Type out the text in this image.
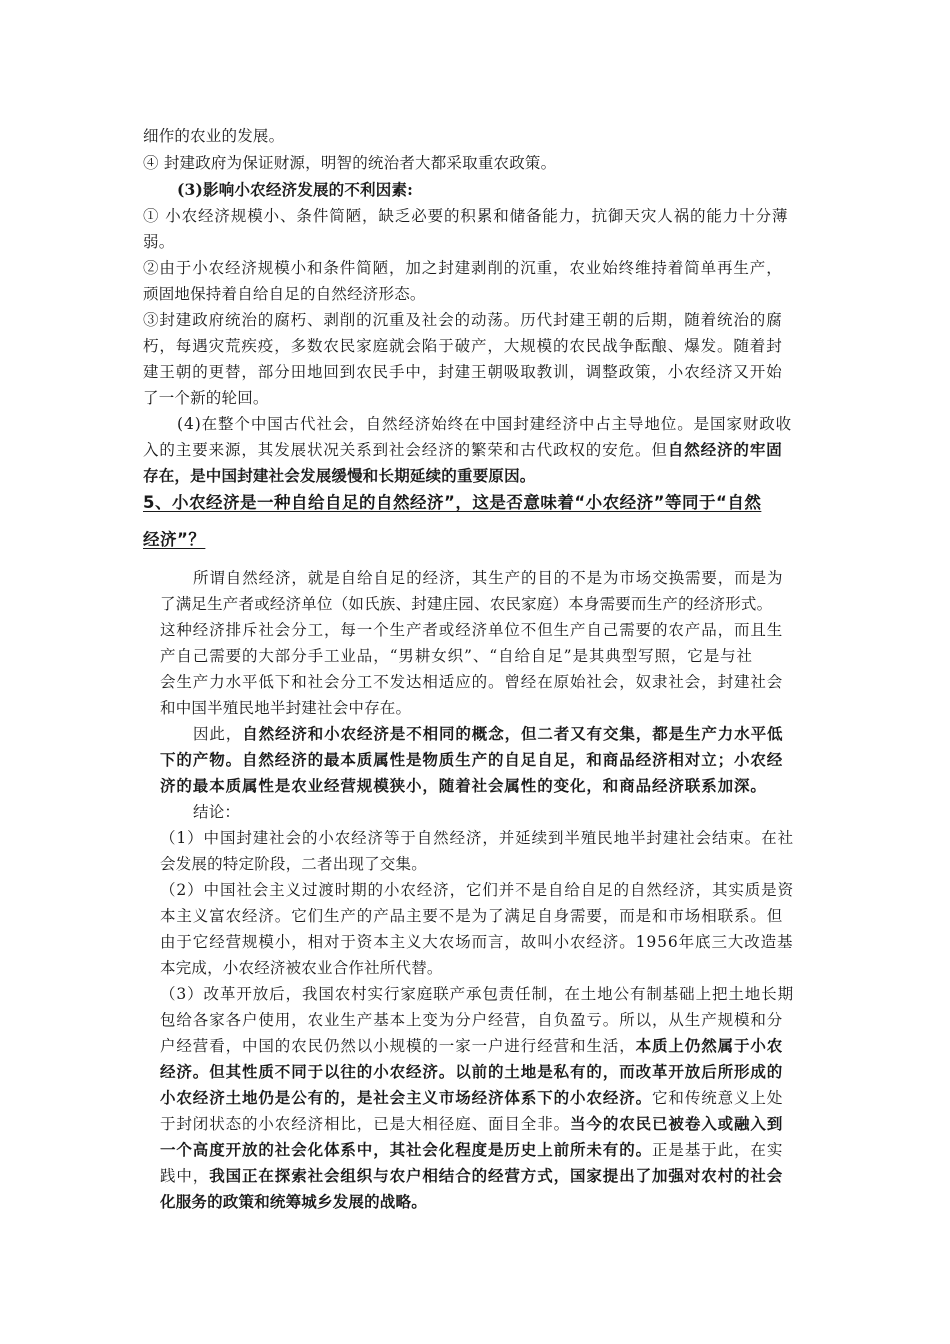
细作的农业的发展。
④ 封建政府为保证财源，明智的统治者大都采取重农政策。
(3)影响小农经济发展的不利因素:
① 小农经济规模小、条件简陋，缺乏必要的积累和储备能力，抗御天灾人祸的能力十分薄
弱。
②由于小农经济规模小和条件简陋，加之封建剥削的沉重，农业始终维持着简单再生产，
顽固地保持着自给自足的自然经济形态。
③封建政府统治的腐朽、剥削的沉重及社会的动荡。历代封建王朝的后期，随着统治的腐
朽，每遇灾荒疾疫，多数农民家庭就会陷于破产，大规模的农民战争酝酿、爆发。随着封
建王朝的更替，部分田地回到农民手中，封建王朝吸取教训，调整政策，小农经济又开始
了一个新的轮回。
(4)在整个中国古代社会，自然经济始终在中国封建经济中占主导地位。是国家财政收
入的主要来源，其发展状况关系到社会经济的繁荣和古代政权的安危。但自然经济的牢固
存在，是中国封建社会发展缓慢和长期延续的重要原因。
5、小农经济是一种自给自足的自然经济”，这是否意味着“小农经济”等同于“自然
经济”？
所谓自然经济，就是自给自足的经济，其生产的目的不是为市场交换需要，而是为
了满足生产者或经济单位（如氏族、封建庄园、农民家庭）本身需要而生产的经济形式。
这种经济排斥社会分工，每一个生产者或经济单位不但生产自己需要的农产品，而且生
产自己需要的大部分手工业品，“男耕女织”、“自给自足”是其典型写照，它是与社
会生产力水平低下和社会分工不发达相适应的。曾经在原始社会，奴隶社会，封建社会
和中国半殖民地半封建社会中存在。
因此，自然经济和小农经济是不相同的概念，但二者又有交集，都是生产力水平低
下的产物。自然经济的最本质属性是物质生产的自足自足，和商品经济相对立；小农经
济的最本质属性是农业经营规模狭小，随着社会属性的变化，和商品经济联系加深。
结论：
（1）中国封建社会的小农经济等于自然经济，并延续到半殖民地半封建社会结束。在社
会发展的特定阶段，二者出现了交集。
（2）中国社会主义过渡时期的小农经济，它们并不是自给自足的自然经济，其实质是资
本主义富农经济。它们生产的产品主要不是为了满足自身需要，而是和市场相联系。但
由于它经营规模小，相对于资本主义大农场而言，故叫小农经济。1956年底三大改造基
本完成，小农经济被农业合作社所代替。
（3）改革开放后，我国农村实行家庭联产承包责任制，在土地公有制基础上把土地长期
包给各家各户使用，农业生产基本上变为分户经营，自负盈亏。所以，从生产规模和分
户经营看，中国的农民仍然以小规模的一家一户进行经营和生活，本质上仍然属于小农
经济。但其性质不同于以往的小农经济。以前的土地是私有的，而改革开放后所形成的
小农经济土地仍是公有的，是社会主义市场经济体系下的小农经济。它和传统意义上处
于封闭状态的小农经济相比，已是大相径庭、面目全非。当今的农民已被卷入或融入到
一个高度开放的社会化体系中，其社会化程度是历史上前所未有的。正是基于此，在实
践中，我国正在探索社会组织与农户相结合的经营方式，国家提出了加强对农村的社会
化服务的政策和统筹城乡发展的战略。
